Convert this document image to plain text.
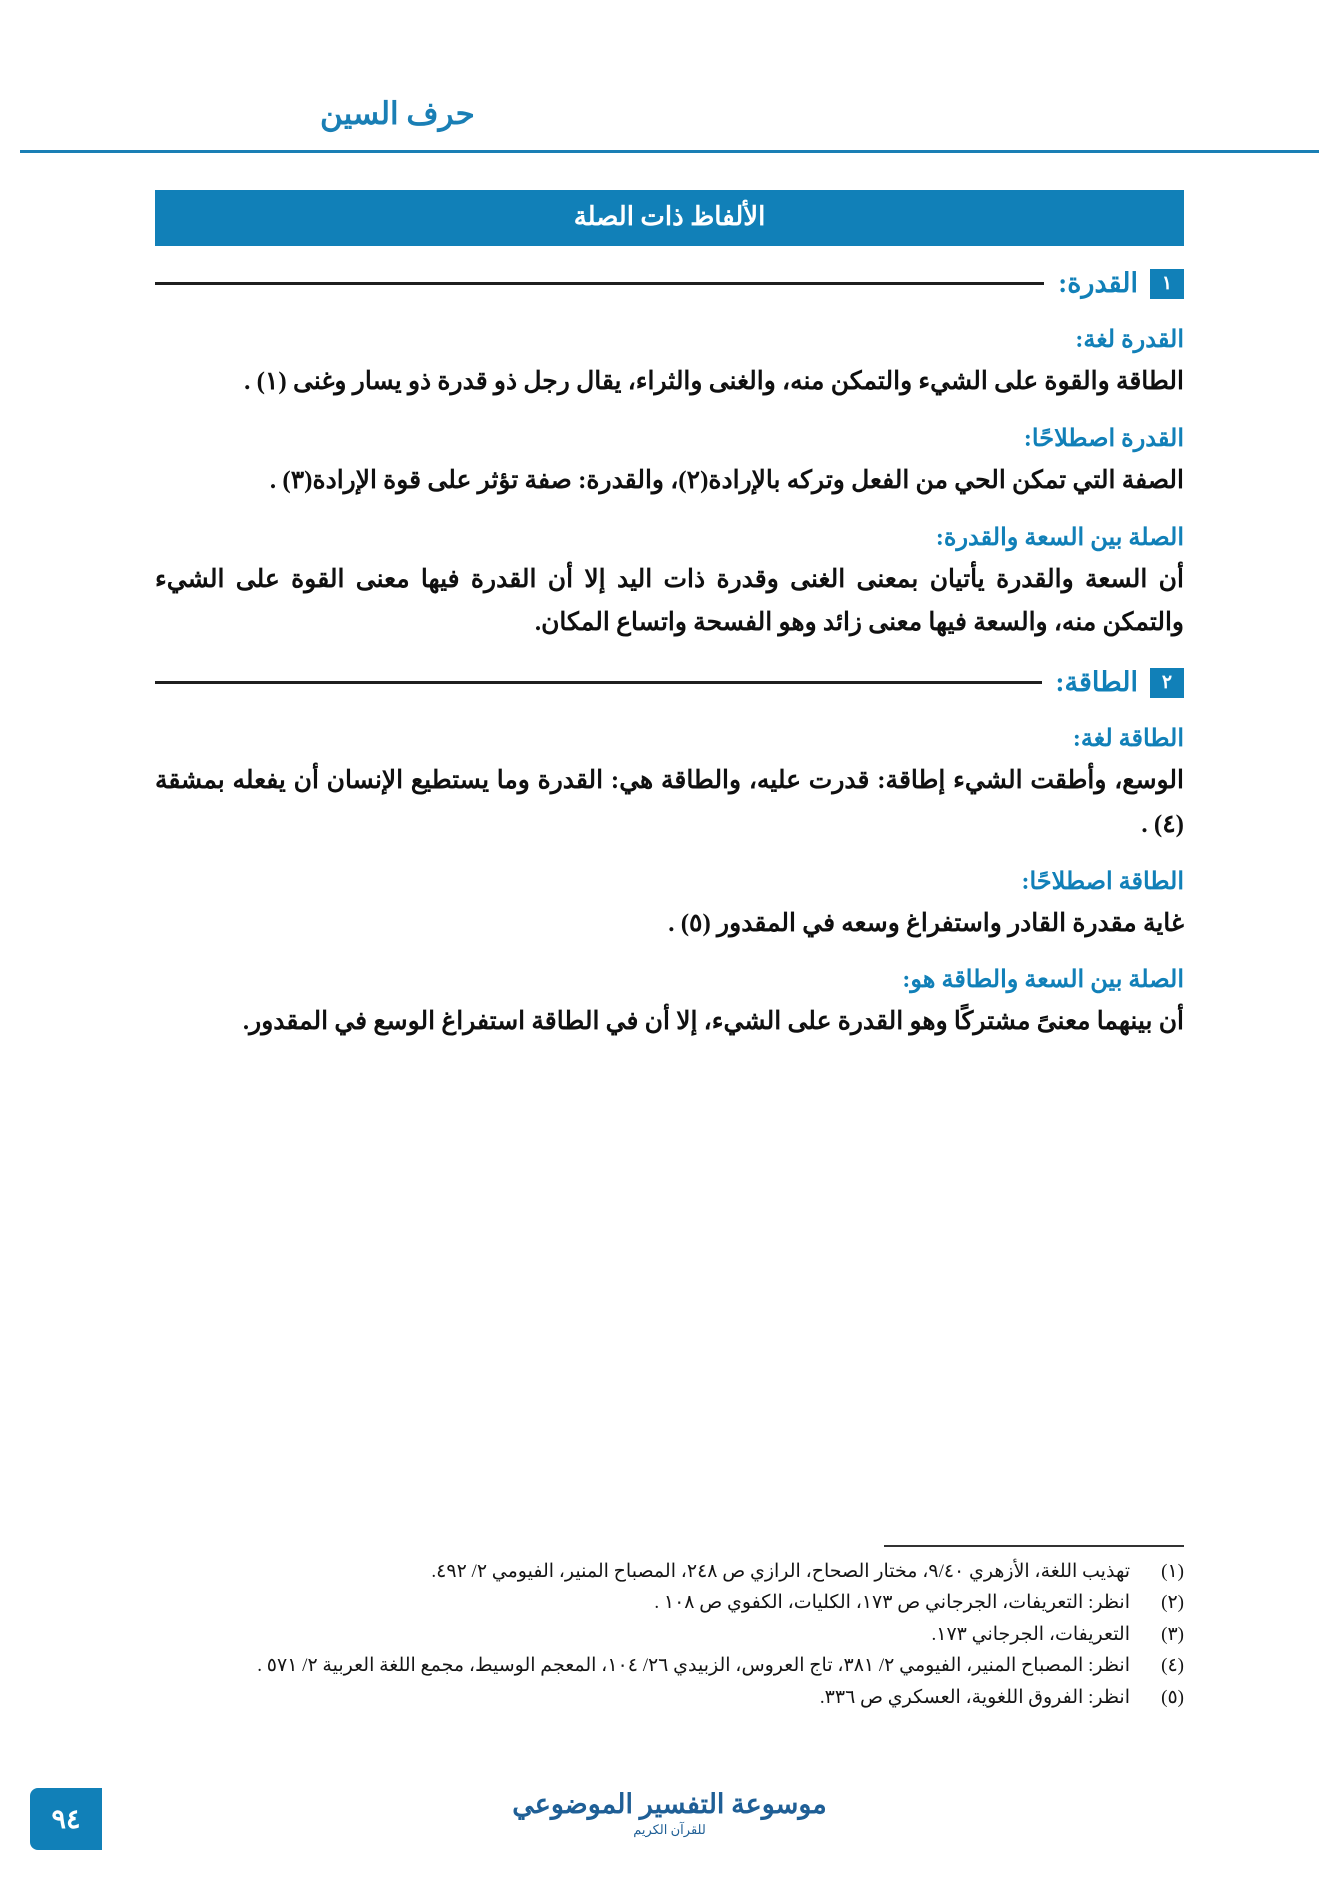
حرف السين
الألفاظ ذات الصلة
القدرة:	١
القدرة لغة:

الطاقة والقوة على الشيء والتمكن منه، والغنى والثراء، يقال رجل ذو قدرة ذو يسار وغنى (١) .

القدرة اصطلاحًا:

الصفة التي تمكن الحي من الفعل وتركه بالإرادة(٢)، والقدرة: صفة تؤثر على قوة الإرادة(٣) .

الصلة بين السعة والقدرة:

أن السعة والقدرة يأتيان بمعنى الغنى وقدرة ذات اليد إلا أن القدرة فيها معنى القوة على الشيء والتمكن منه، والسعة فيها معنى زائد وهو الفسحة واتساع المكان.

الطاقة:	٢
الطاقة لغة:

الوسع، وأطقت الشيء إطاقة: قدرت عليه، والطاقة هي: القدرة وما يستطيع الإنسان أن يفعله بمشقة (٤) .

الطاقة اصطلاحًا:

غاية مقدرة القادر واستفراغ وسعه في المقدور (٥) .

الصلة بين السعة والطاقة هو:

أن بينهما معنىً مشتركًا وهو القدرة على الشيء، إلا أن في الطاقة استفراغ الوسع في المقدور.

(١)
تهذيب اللغة، الأزهري ٩/٤٠، مختار الصحاح، الرازي ص ٢٤٨، المصباح المنير، الفيومي ٢/ ٤٩٢.
(٢)
انظر: التعريفات، الجرجاني ص ١٧٣، الكليات، الكفوي ص ١٠٨ .
(٣)
التعريفات، الجرجاني ١٧٣.
(٤)
انظر: المصباح المنير، الفيومي ٢/ ٣٨١، تاج العروس، الزبيدي ٢٦/ ١٠٤، المعجم الوسيط، مجمع اللغة العربية ٢/ ٥٧١ .
(٥)
انظر: الفروق اللغوية، العسكري ص ٣٣٦.
موسوعة التفسير الموضوعي
للقرآن الكريم
٩٤
